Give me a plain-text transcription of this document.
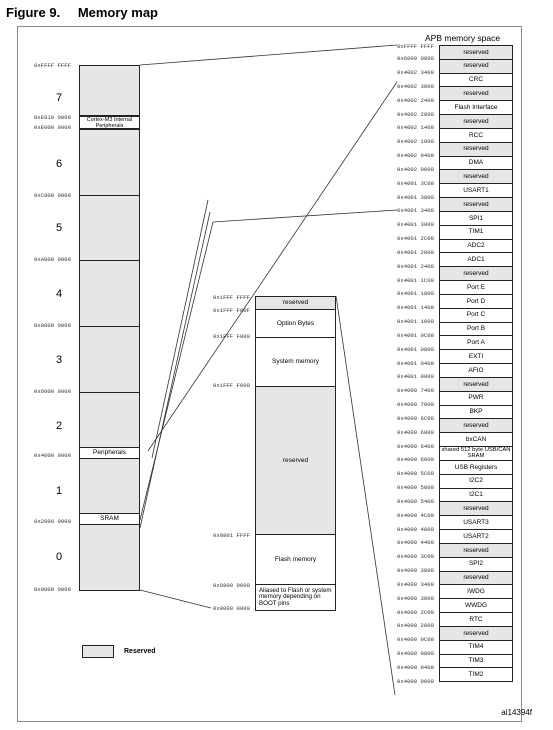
Figure 9. Memory map
0xFFFF FFFF
0xE010 0000
0xE000 0000
0xC000 0000
0xA000 0000
0x8000 0000
0x6000 0000
0x4000 0000
0x2000 0000
0x0000 0000
7
6
5
4
3
2
1
0
Cortex-M3 Internal Peripherals
Peripherals
SRAM
0x1FFF FFFF
0x1FFF F80F
0x1FFF F800
0x1FFF F000
0x0801 FFFF
0x0800 0000
0x0000 0000
reserved
Option Bytes
System memory
reserved
Flash memory
Aliased to Flash or system memory depending on BOOT pins
APB memory space
0xFFFF FFFF
reserved
0x6000 0000
reserved
0x4002 3400
CRC
0x4002 3000
reserved
0x4002 2400
Flash Interface
0x4002 2000
reserved
0x4002 1400
RCC
0x4002 1000
reserved
0x4002 0400
DMA
0x4002 0000
reserved
0x4001 3C00
USART1
0x4001 3800
reserved
0x4001 3400
SPI1
0x4001 3000
TIM1
0x4001 2C00
ADC2
0x4001 2800
ADC1
0x4001 2400
reserved
0x4001 1C00
Port E
0x4001 1800
Port D
0x4001 1400
Port C
0x4001 1000
Port B
0x4001 0C00
Port A
0x4001 0800
EXTI
0x4001 0400
AFIO
0x4001 0000
reserved
0x4000 7400
PWR
0x4000 7000
BKP
0x4000 6C00
reserved
0x4000 6800
bxCAN
0x4000 6400
shared 512 byte USB/CAN SRAM
0x4000 6000
USB Registers
0x4000 5C00
I2C2
0x4000 5800
I2C1
0x4000 5400
reserved
0x4000 4C00
USART3
0x4000 4800
USART2
0x4000 4400
reserved
0x4000 3C00
SPI2
0x4000 3800
reserved
0x4000 3400
IWDG
0x4000 3000
WWDG
0x4000 2C00
RTC
0x4000 2800
reserved
0x4000 0C00
TIM4
0x4000 0800
TIM3
0x4000 0400
TIM2
0x4000 0000
Reserved
ai14394f
